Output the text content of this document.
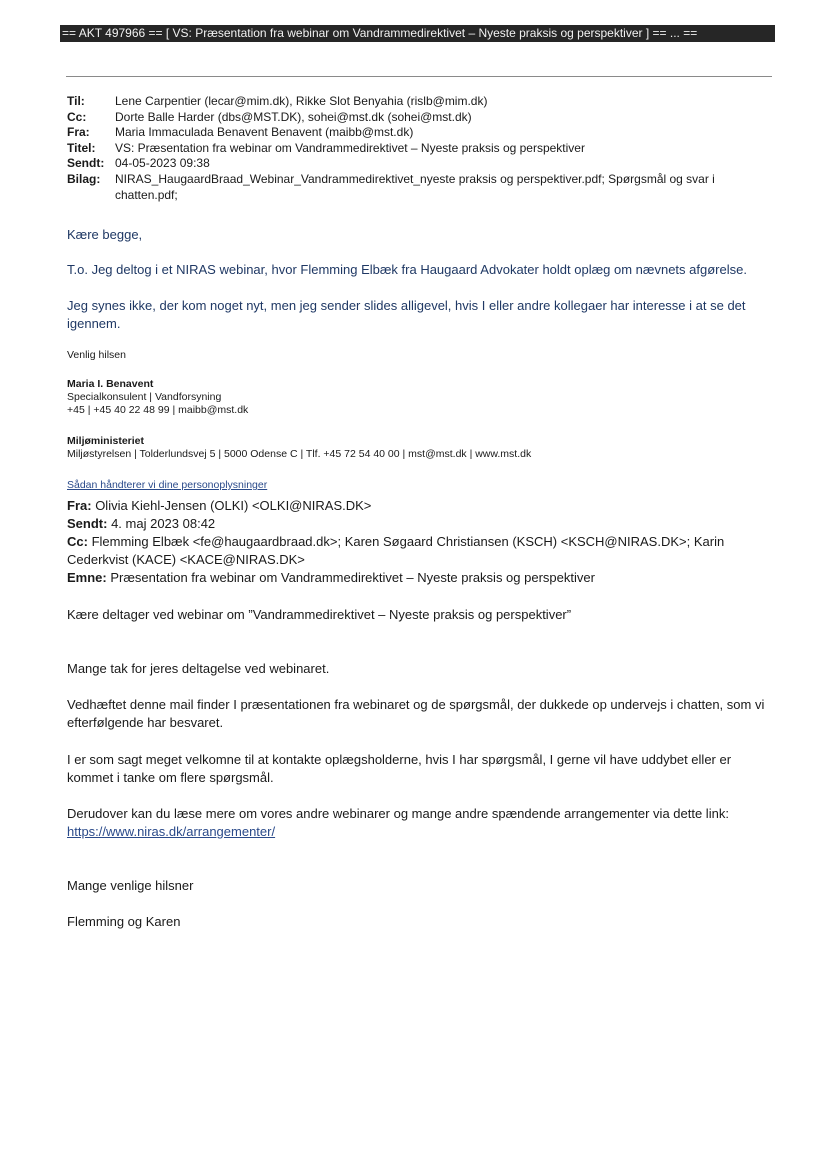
== AKT 497966 == [ VS: Præsentation fra webinar om Vandrammedirektivet – Nyeste praksis og perspektiver ] == ... ==
Til:	Lene Carpentier (lecar@mim.dk), Rikke Slot Benyahia (rislb@mim.dk)
Cc:	Dorte Balle Harder (dbs@MST.DK), sohei@mst.dk (sohei@mst.dk)
Fra:	Maria Immaculada Benavent Benavent (maibb@mst.dk)
Titel:	VS: Præsentation fra webinar om Vandrammedirektivet – Nyeste praksis og perspektiver
Sendt: 04-05-2023 09:38
Bilag:	NIRAS_HaugaardBraad_Webinar_Vandrammedirektivet_nyeste praksis og perspektiver.pdf; Spørgsmål og svar i chatten.pdf;
Kære begge,
T.o. Jeg deltog i et NIRAS webinar, hvor Flemming Elbæk fra Haugaard Advokater holdt oplæg om nævnets afgørelse.
Jeg synes ikke, der kom noget nyt, men jeg sender slides alligevel, hvis I eller andre kollegaer har interesse i at se det igennem.
Venlig hilsen
Maria I. Benavent
Specialkonsulent | Vandforsyning
+45 | +45 40 22 48 99 | maibb@mst.dk
Miljøministeriet
Miljøstyrelsen | Tolderlundsvej 5 | 5000 Odense C | Tlf. +45 72 54 40 00 | mst@mst.dk | www.mst.dk
Sådan håndterer vi dine personoplysninger
Fra: Olivia Kiehl-Jensen (OLKI) <OLKI@NIRAS.DK>
Sendt: 4. maj 2023 08:42
Cc: Flemming Elbæk <fe@haugaardbraad.dk>; Karen Søgaard Christiansen (KSCH) <KSCH@NIRAS.DK>; Karin Cederkvist (KACE) <KACE@NIRAS.DK>
Emne: Præsentation fra webinar om Vandrammedirektivet – Nyeste praksis og perspektiver
Kære deltager ved webinar om ”Vandrammedirektivet – Nyeste praksis og perspektiver”
Mange tak for jeres deltagelse ved webinaret.
Vedhæftet denne mail finder I præsentationen fra webinaret og de spørgsmål, der dukkede op undervejs i chatten, som vi efterfølgende har besvaret.
I er som sagt meget velkomne til at kontakte oplægsholderne, hvis I har spørgsmål, I gerne vil have uddybet eller er kommet i tanke om flere spørgsmål.
Derudover kan du læse mere om vores andre webinarer og mange andre spændende arrangementer via dette link:
https://www.niras.dk/arrangementer/
Mange venlige hilsner
Flemming og Karen
